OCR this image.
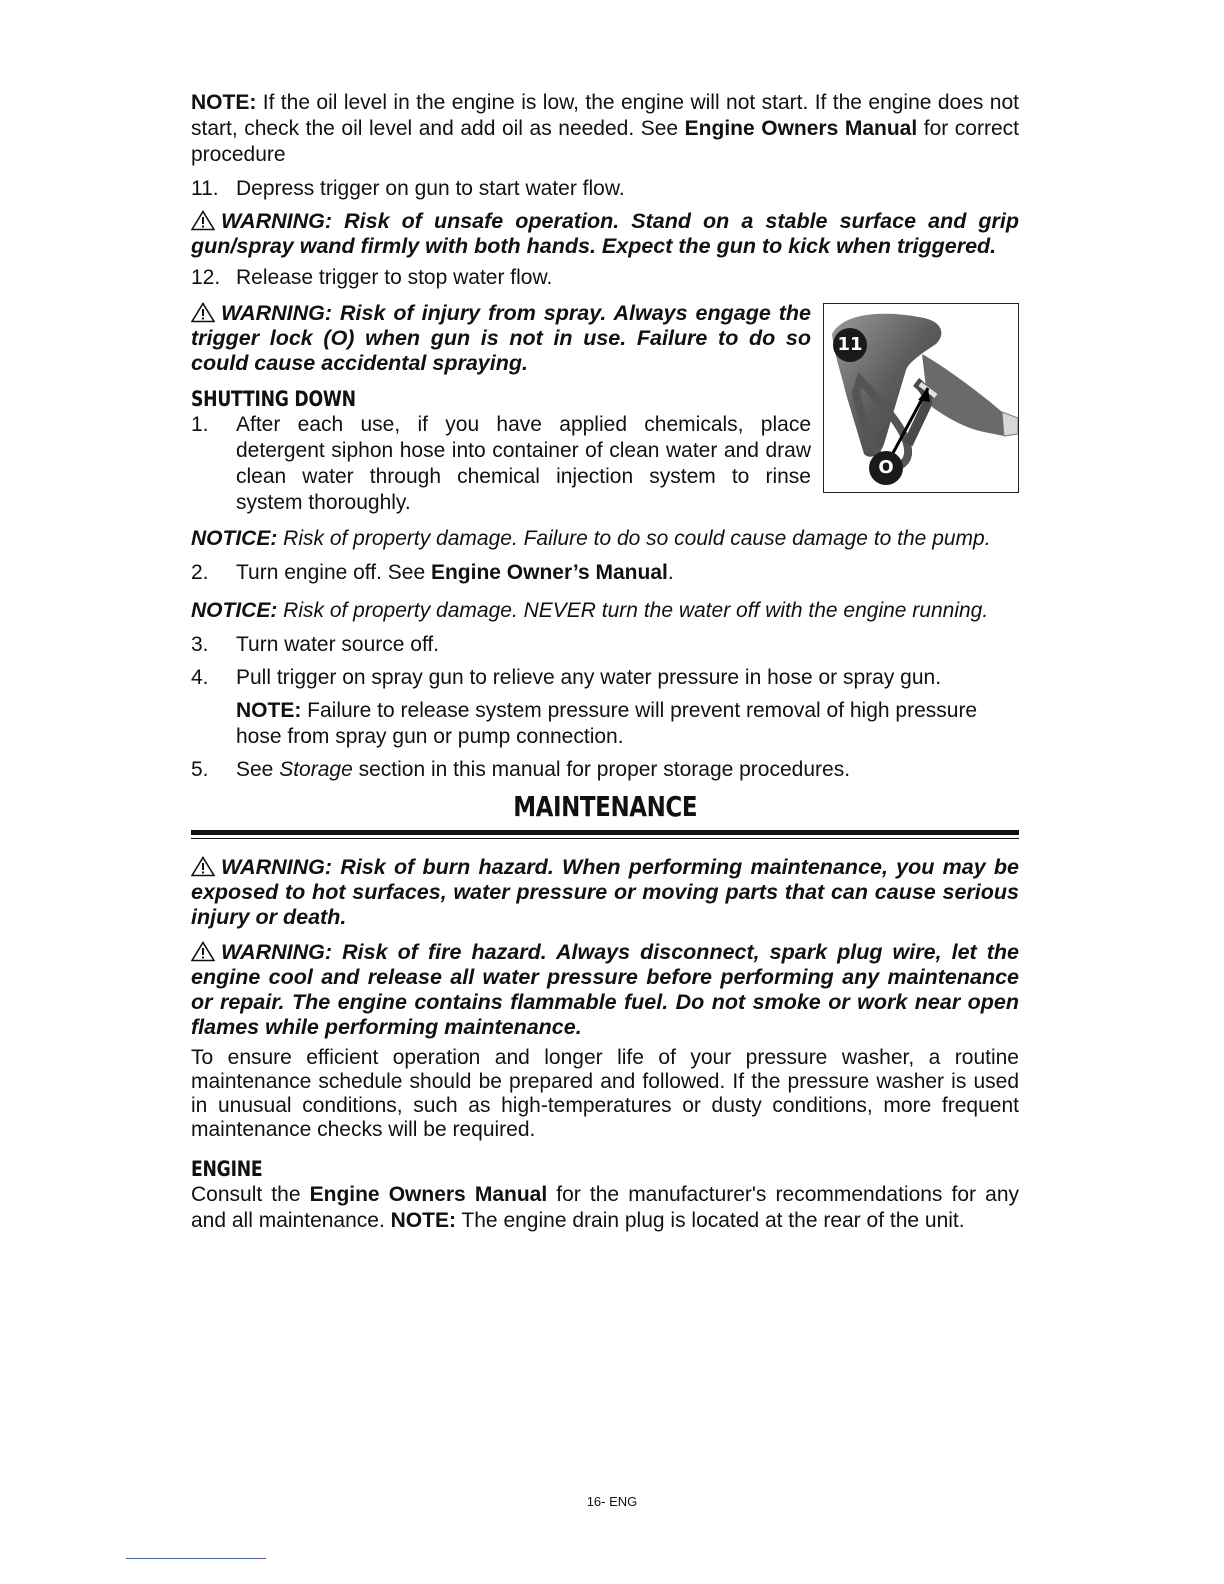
NOTE: If the oil level in the engine is low, the engine will not start. If the engine does not start, check the oil level and add oil as needed. See Engine Owners Manual for correct procedure

11. Depress trigger on gun to start water flow.

WARNING: Risk of unsafe operation. Stand on a stable surface and grip gun/spray wand firmly with both hands. Expect the gun to kick when triggered.

12. Release trigger to stop water flow.
11
O

WARNING: Risk of injury from spray. Always engage the trigger lock (O) when gun is not in use. Failure to do so could cause accidental spraying.

SHUTTING DOWN
1.	After each use, if you have applied chemicals, place detergent siphon hose into container of clean water and draw clean water through chemical injection system to rinse system thoroughly.

NOTICE: Risk of property damage. Failure to do so could cause damage to the pump.

2.	Turn engine off. See Engine Owner’s Manual.

NOTICE: Risk of property damage. NEVER turn the water off with the engine running.

3.	Turn water source off.
4.	Pull trigger on spray gun to relieve any water pressure in hose or spray gun.

NOTE: Failure to release system pressure will prevent removal of high pressure hose from spray gun or pump connection.

5.	See Storage section in this manual for proper storage procedures.
MAINTENANCE

WARNING: Risk of burn hazard. When performing maintenance, you may be exposed to hot surfaces, water pressure or moving parts that can cause serious injury or death.

WARNING: Risk of fire hazard. Always disconnect, spark plug wire, let the engine cool and release all water pressure before performing any maintenance or repair. The engine contains flammable fuel. Do not smoke or work near open flames while performing maintenance.

To ensure efficient operation and longer life of your pressure washer, a routine maintenance schedule should be prepared and followed. If the pressure washer is used in unusual conditions, such as high-temperatures or dusty conditions, more frequent maintenance checks will be required.

ENGINE

Consult the Engine Owners Manual for the manufacturer's recommendations for any and all maintenance. NOTE: The engine drain plug is located at the rear of the unit.

16- ENG
